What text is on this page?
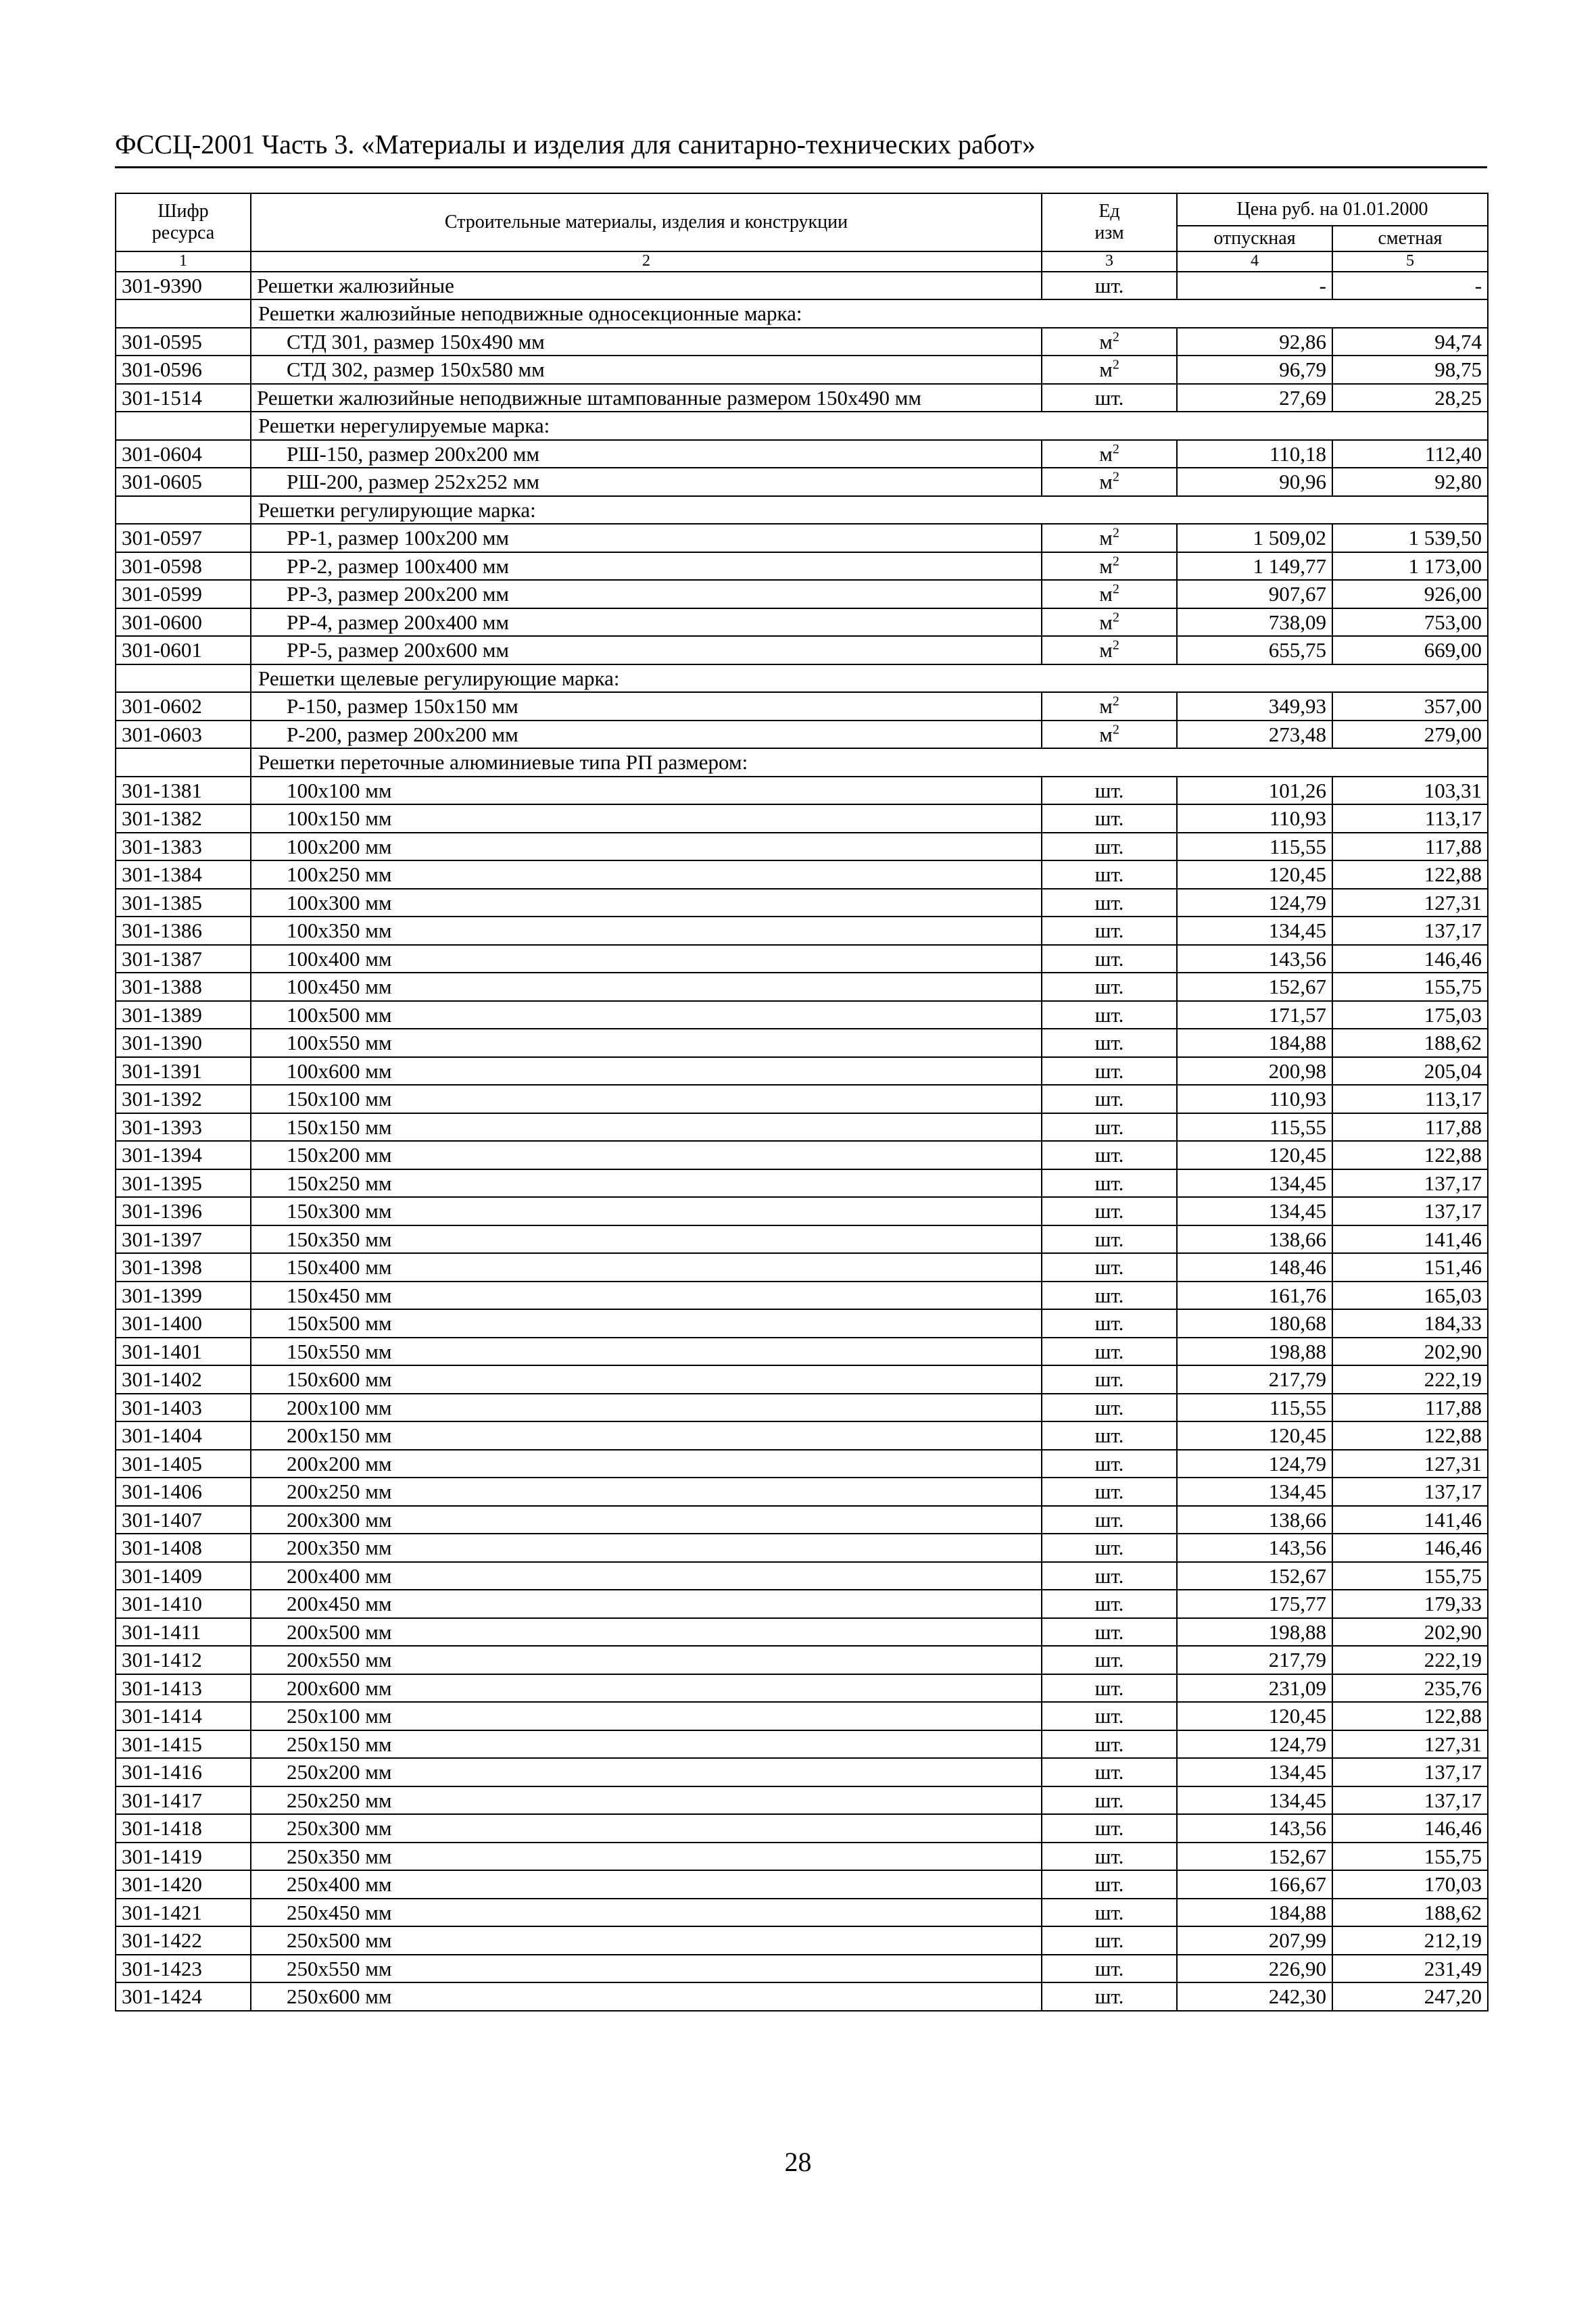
ФССЦ-2001 Часть 3. «Материалы и изделия для санитарно-технических работ»
Шифр
ресурса	Строительные материалы, изделия и конструкции	Ед
изм	Цена руб. на 01.01.2000	
			отпускная	сметная
1	2	3	4	5
301-9390	Решетки жалюзийные	шт.	-	-
	Решетки жалюзийные неподвижные односекционные марка:			
301-0595	СТД 301, размер 150х490 мм	$м^2$	92,86	94,74
301-0596	СТД 302, размер 150х580 мм	$м^2$	96,79	98,75
301-1514	Решетки жалюзийные неподвижные штампованные размером 150х490 мм	шт.	27,69	28,25
	Решетки нерегулируемые марка:			
301-0604	РШ-150, размер 200х200 мм	$м^2$	110,18	112,40
301-0605	РШ-200, размер 252х252 мм	$м^2$	90,96	92,80
	Решетки регулирующие марка:			
301-0597	РР-1, размер 100х200 мм	$м^2$	1 509,02	1 539,50
301-0598	РР-2, размер 100х400 мм	$м^2$	1 149,77	1 173,00
301-0599	РР-3, размер 200х200 мм	$м^2$	907,67	926,00
301-0600	РР-4, размер 200х400 мм	$м^2$	738,09	753,00
301-0601	РР-5, размер 200х600 мм	$м^2$	655,75	669,00
	Решетки щелевые регулирующие марка:			
301-0602	Р-150, размер 150х150 мм	$м^2$	349,93	357,00
301-0603	Р-200, размер 200х200 мм	$м^2$	273,48	279,00
	Решетки переточные алюминиевые типа РП размером:			
301-1381	100х100 мм	шт.	101,26	103,31
301-1382	100х150 мм	шт.	110,93	113,17
301-1383	100х200 мм	шт.	115,55	117,88
301-1384	100х250 мм	шт.	120,45	122,88
301-1385	100х300 мм	шт.	124,79	127,31
301-1386	100х350 мм	шт.	134,45	137,17
301-1387	100х400 мм	шт.	143,56	146,46
301-1388	100х450 мм	шт.	152,67	155,75
301-1389	100х500 мм	шт.	171,57	175,03
301-1390	100х550 мм	шт.	184,88	188,62
301-1391	100х600 мм	шт.	200,98	205,04
301-1392	150х100 мм	шт.	110,93	113,17
301-1393	150х150 мм	шт.	115,55	117,88
301-1394	150х200 мм	шт.	120,45	122,88
301-1395	150х250 мм	шт.	134,45	137,17
301-1396	150х300 мм	шт.	134,45	137,17
301-1397	150х350 мм	шт.	138,66	141,46
301-1398	150х400 мм	шт.	148,46	151,46
301-1399	150х450 мм	шт.	161,76	165,03
301-1400	150х500 мм	шт.	180,68	184,33
301-1401	150х550 мм	шт.	198,88	202,90
301-1402	150х600 мм	шт.	217,79	222,19
301-1403	200х100 мм	шт.	115,55	117,88
301-1404	200х150 мм	шт.	120,45	122,88
301-1405	200х200 мм	шт.	124,79	127,31
301-1406	200х250 мм	шт.	134,45	137,17
301-1407	200х300 мм	шт.	138,66	141,46
301-1408	200х350 мм	шт.	143,56	146,46
301-1409	200х400 мм	шт.	152,67	155,75
301-1410	200х450 мм	шт.	175,77	179,33
301-1411	200х500 мм	шт.	198,88	202,90
301-1412	200х550 мм	шт.	217,79	222,19
301-1413	200х600 мм	шт.	231,09	235,76
301-1414	250х100 мм	шт.	120,45	122,88
301-1415	250х150 мм	шт.	124,79	127,31
301-1416	250х200 мм	шт.	134,45	137,17
301-1417	250х250 мм	шт.	134,45	137,17
301-1418	250х300 мм	шт.	143,56	146,46
301-1419	250х350 мм	шт.	152,67	155,75
301-1420	250х400 мм	шт.	166,67	170,03
301-1421	250х450 мм	шт.	184,88	188,62
301-1422	250х500 мм	шт.	207,99	212,19
301-1423	250х550 мм	шт.	226,90	231,49
301-1424	250х600 мм	шт.	242,30	247,20
28
